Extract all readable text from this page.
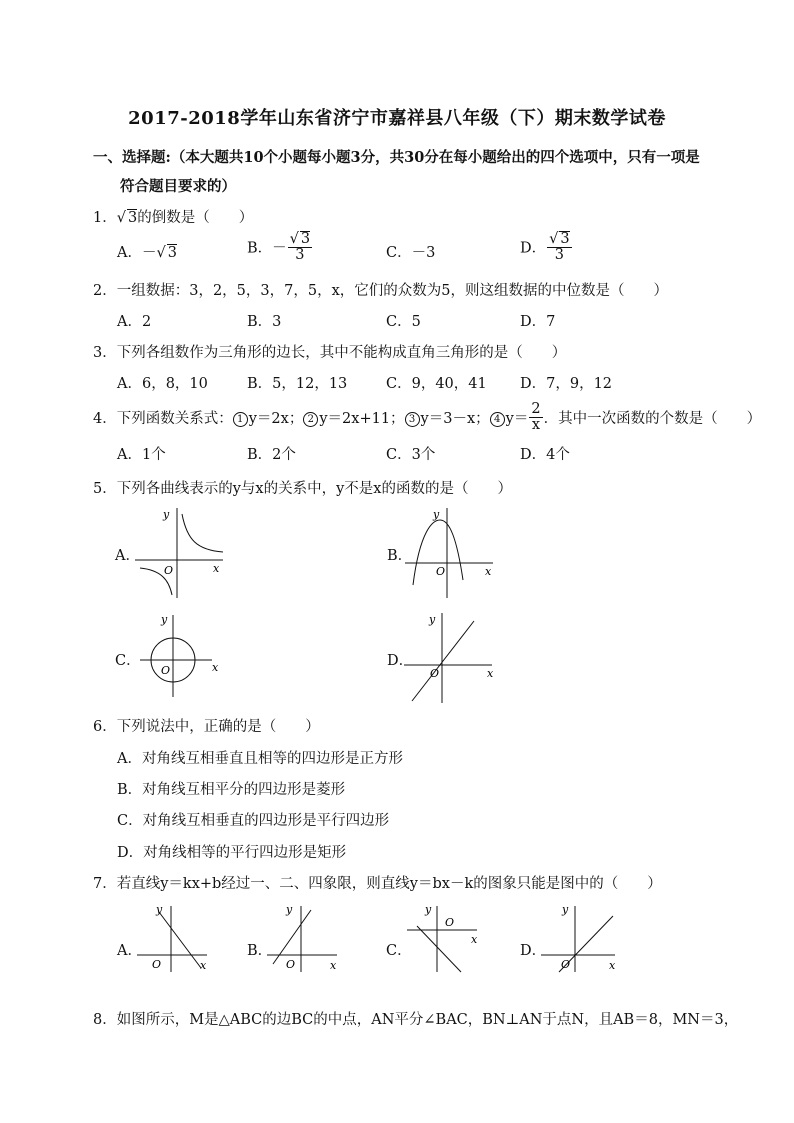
2017-2018学年山东省济宁市嘉祥县八年级（下）期末数学试卷
一、选择题:（本大题共10个小题每小题3分，共30分在每小题给出的四个选项中，只有一项是
符合题目要求的）
1．√ 3的倒数是（　　）
A．－√ 3	B．－ $\frac{√ 3}{3}$	C．－3	D． $\frac{√ 3}{3}$
2．一组数据：3，2，5，3，7，5，x，它们的众数为5，则这组数据的中位数是（　　）
A．2	B．3	C．5	D．7
3．下列各组数作为三角形的边长，其中不能构成直角三角形的是（　　）
A．6，8，10	B．5，12，13	C．9，40，41 D．7，9，12
4．下列函数关系式： 1 y＝2x； 2 y＝2x+11； 3 y＝3－x； 4 $y= \frac{2}{x}$ ．其中一次函数的个数是（　　）
A．1个	B．2个	C．3个	D．4个
5．下列各曲线表示的y与x的关系中，y不是x的函数的是（　　）
A．
y
x
O
B．
y
x
O
C．
y
x
O
D．
y
x
O
6．下列说法中，正确的是（　　）
A．对角线互相垂直且相等的四边形是正方形
B．对角线互相平分的四边形是菱形
C．对角线互相垂直的四边形是平行四边形
D．对角线相等的平行四边形是矩形
7．若直线y＝kx+b经过一、二、四象限，则直线y＝bx－k的图象只能是图中的（　　）
A．
y
x
O
B．
y
x
O
C．
y
x
O
D．
y
x
O
8．如图所示，M是△ABC的边BC的中点，AN平分∠BAC，BN⊥AN于点N，且AB＝8，MN＝3，
